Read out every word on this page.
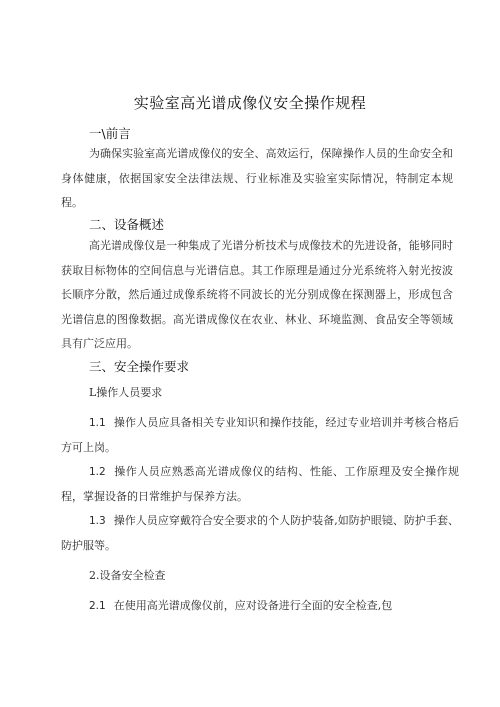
实验室高光谱成像仪安全操作规程
一\前言
为确保实验室高光谱成像仪的安全、高效运行，保障操作人员的生命安全和身体健康，依据国家安全法律法规、行业标准及实验室实际情况，特制定本规程。
二、设备概述
高光谱成像仪是一种集成了光谱分析技术与成像技术的先进设备，能够同时获取目标物体的空间信息与光谱信息。其工作原理是通过分光系统将入射光按波长顺序分散，然后通过成像系统将不同波长的光分别成像在探测器上，形成包含光谱信息的图像数据。高光谱成像仪在农业、林业、环境监测、食品安全等领域具有广泛应用。
三、安全操作要求
L操作人员要求
1.1 操作人员应具备相关专业知识和操作技能，经过专业培训并考核合格后方可上岗。
1.2 操作人员应熟悉高光谱成像仪的结构、性能、工作原理及安全操作规程，掌握设备的日常维护与保养方法。
1.3 操作人员应穿戴符合安全要求的个人防护装备,如防护眼镜、防护手套、防护服等。
2.设备安全检查
2.1 在使用高光谱成像仪前，应对设备进行全面的安全检查,包
